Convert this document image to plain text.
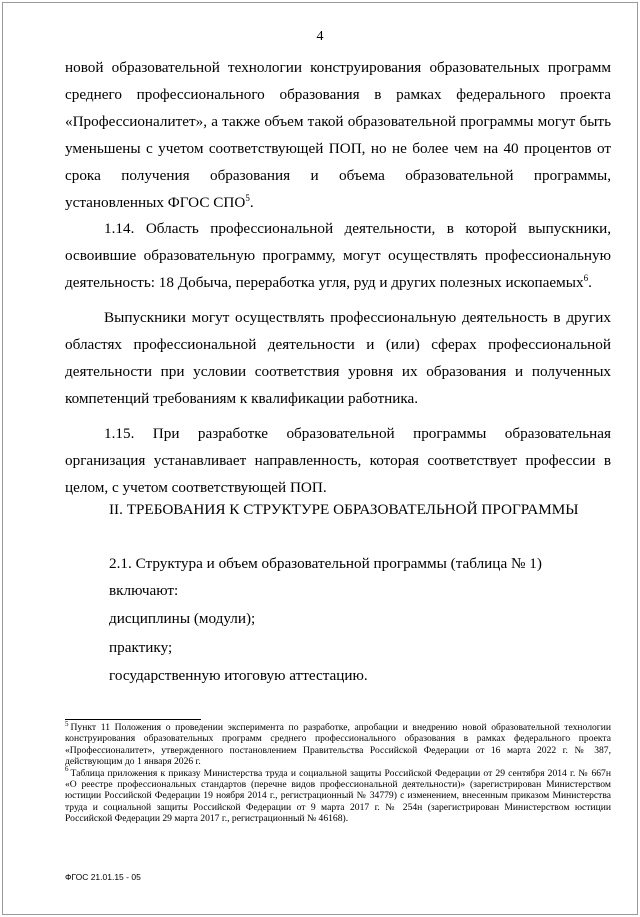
4

новой образовательной технологии конструирования образовательных программ среднего профессионального образования в рамках федерального проекта «Профессионалитет», а также объем такой образовательной программы могут быть уменьшены с учетом соответствующей ПОП, но не более чем на 40 процентов от срока получения образования и объема образовательной программы, установленных ФГОС СПО$^5$.

1.14. Область профессиональной деятельности, в которой выпускники, освоившие образовательную программу, могут осуществлять профессиональную деятельность: 18 Добыча, переработка угля, руд и других полезных ископаемых$^6$.

Выпускники могут осуществлять профессиональную деятельность в других областях профессиональной деятельности и (или) сферах профессиональной деятельности при условии соответствия уровня их образования и полученных компетенций требованиям к квалификации работника.

1.15. При разработке образовательной программы образовательная организация устанавливает направленность, которая соответствует профессии в целом, с учетом соответствующей ПОП.

II. ТРЕБОВАНИЯ К СТРУКТУРЕ ОБРАЗОВАТЕЛЬНОЙ ПРОГРАММЫ

2.1. Структура и объем образовательной программы (таблица № 1) включают:

дисциплины (модули);

практику;

государственную итоговую аттестацию.

$^5$ Пункт 11 Положения о проведении эксперимента по разработке, апробации и внедрению новой образовательной технологии конструирования образовательных программ среднего профессионального образования в рамках федерального проекта «Профессионалитет», утвержденного постановлением Правительства Российской Федерации от 16 марта 2022 г. № 387, действующим до 1 января 2026 г.

$^6$ Таблица приложения к приказу Министерства труда и социальной защиты Российской Федерации от 29 сентября 2014 г. № 667н «О реестре профессиональных стандартов (перечне видов профессиональной деятельности)» (зарегистрирован Министерством юстиции Российской Федерации 19 ноября 2014 г., регистрационный № 34779) с изменением, внесенным приказом Министерства труда и социальной защиты Российской Федерации от 9 марта 2017 г. № 254н (зарегистрирован Министерством юстиции Российской Федерации 29 марта 2017 г., регистрационный № 46168).

ФГОС 21.01.15 - 05
